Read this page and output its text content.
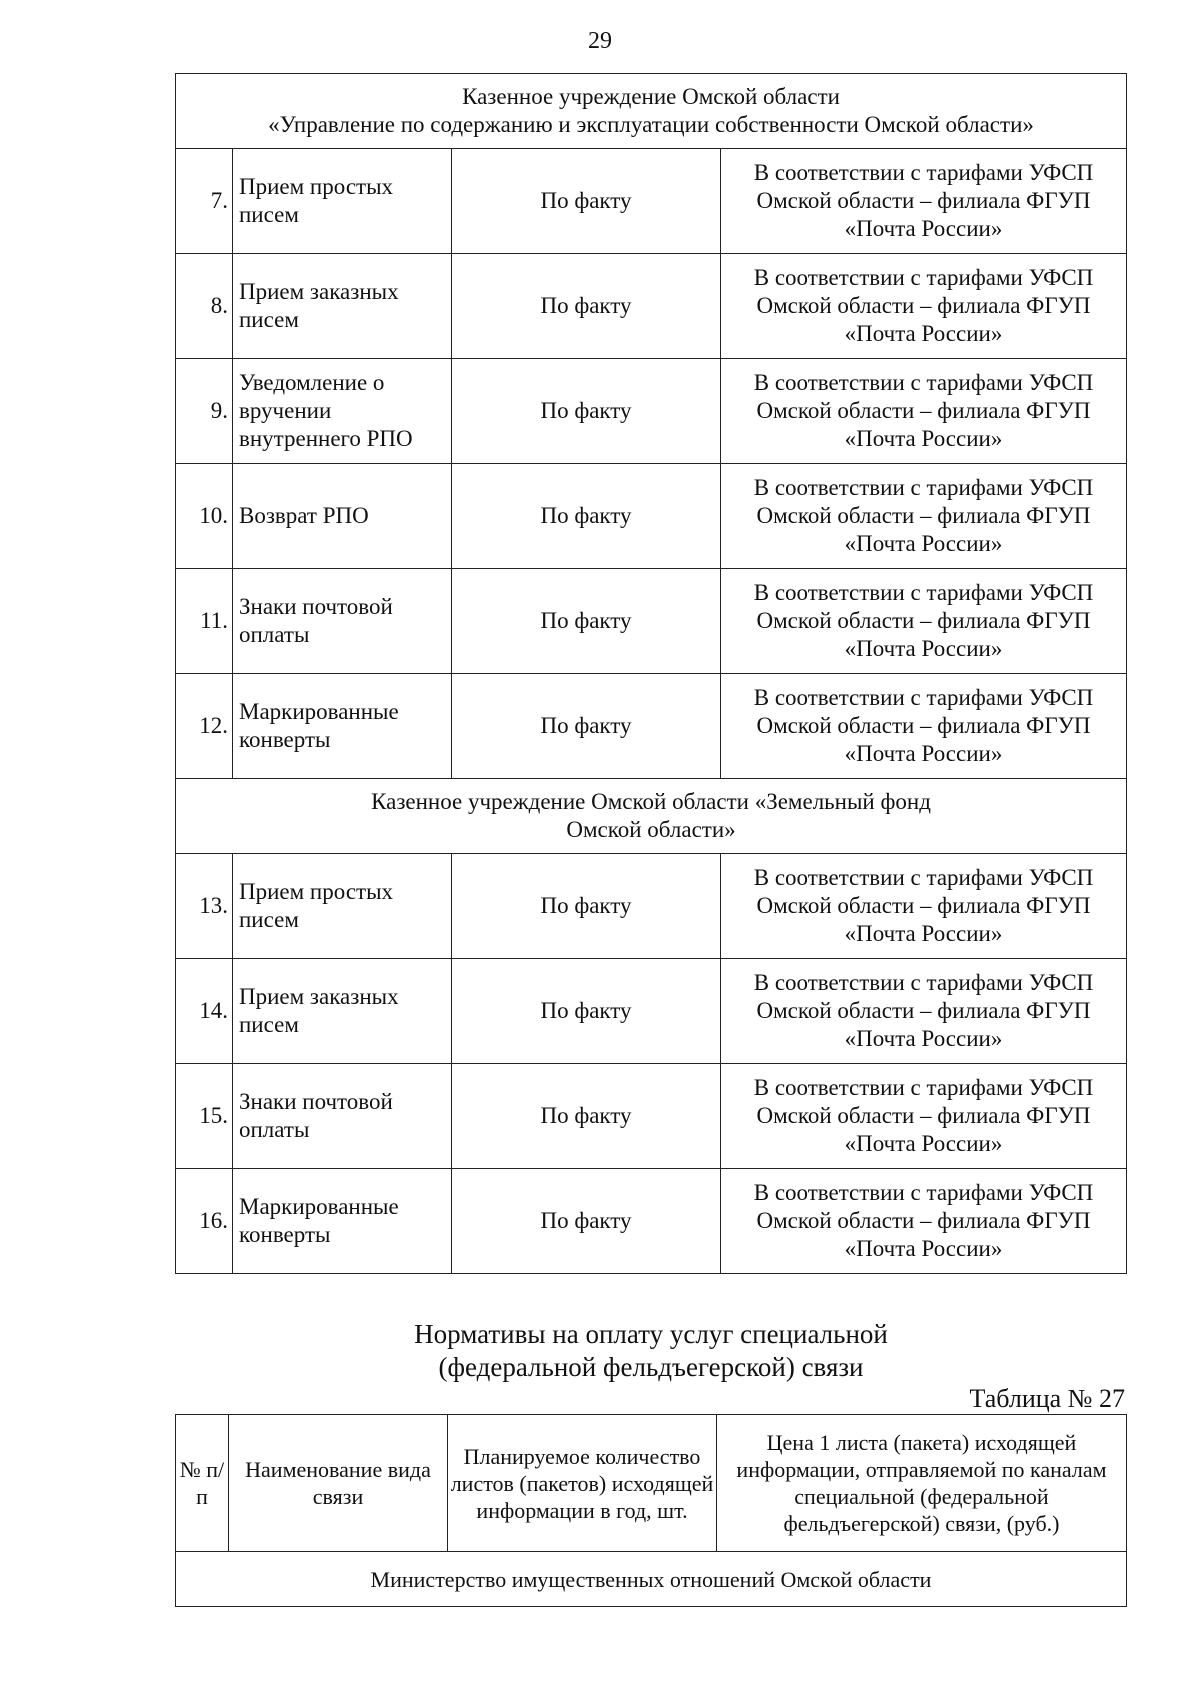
29
Казенное учреждение Омской области
«Управление по содержанию и эксплуатации собственности Омской области»			

7.	Прием простых писем	По факту	В соответствии с тарифами УФСП Омской области – филиала ФГУП «Почта России»
8.	Прием заказных писем	По факту	В соответствии с тарифами УФСП Омской области – филиала ФГУП «Почта России»
9.	Уведомление о вручении внутреннего РПО	По факту	В соответствии с тарифами УФСП Омской области – филиала ФГУП «Почта России»
10.	Возврат РПО	По факту	В соответствии с тарифами УФСП Омской области – филиала ФГУП «Почта России»
11.	Знаки почтовой оплаты	По факту	В соответствии с тарифами УФСП Омской области – филиала ФГУП «Почта России»
12.	Маркированные конверты	По факту	В соответствии с тарифами УФСП Омской области – филиала ФГУП «Почта России»

Казенное учреждение Омской области «Земельный фонд
Омской области»			

13.	Прием простых писем	По факту	В соответствии с тарифами УФСП Омской области – филиала ФГУП «Почта России»
14.	Прием заказных писем	По факту	В соответствии с тарифами УФСП Омской области – филиала ФГУП «Почта России»
15.	Знаки почтовой оплаты	По факту	В соответствии с тарифами УФСП Омской области – филиала ФГУП «Почта России»
16.	Маркированные конверты	По факту	В соответствии с тарифами УФСП Омской области – филиала ФГУП «Почта России»
Нормативы на оплату услуг специальной
(федеральной фельдъегерской) связи
Таблица № 27
№ п/п	Наименование вида связи	Планируемое количество листов (пакетов) исходящей информации в год, шт.	Цена 1 листа (пакета) исходящей информации, отправляемой по каналам специальной (федеральной фельдъегерской) связи, (руб.)
Министерство имущественных отношений Омской области
